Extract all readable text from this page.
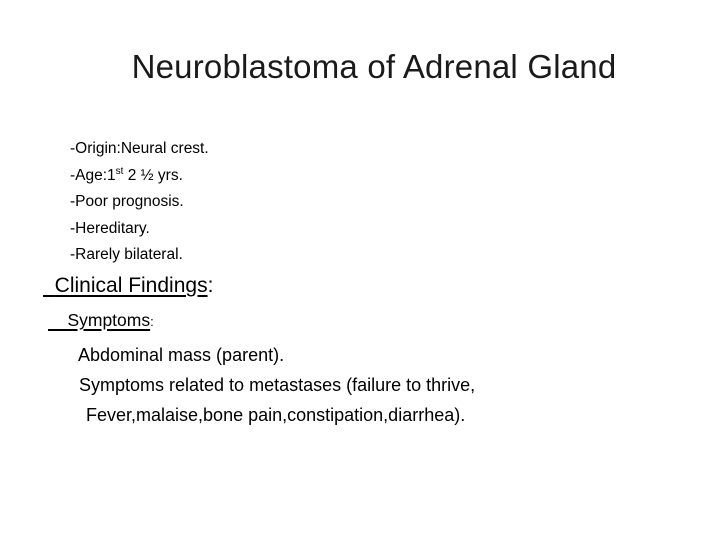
Neuroblastoma of Adrenal Gland
-Origin:Neural crest.
-Age:1st 2 ½ yrs.
-Poor prognosis.
-Hereditary.
-Rarely bilateral.
Clinical Findings:
Symptoms:
Abdominal mass (parent).
Symptoms related to metastases (failure to thrive,
Fever,malaise,bone pain,constipation,diarrhea).
